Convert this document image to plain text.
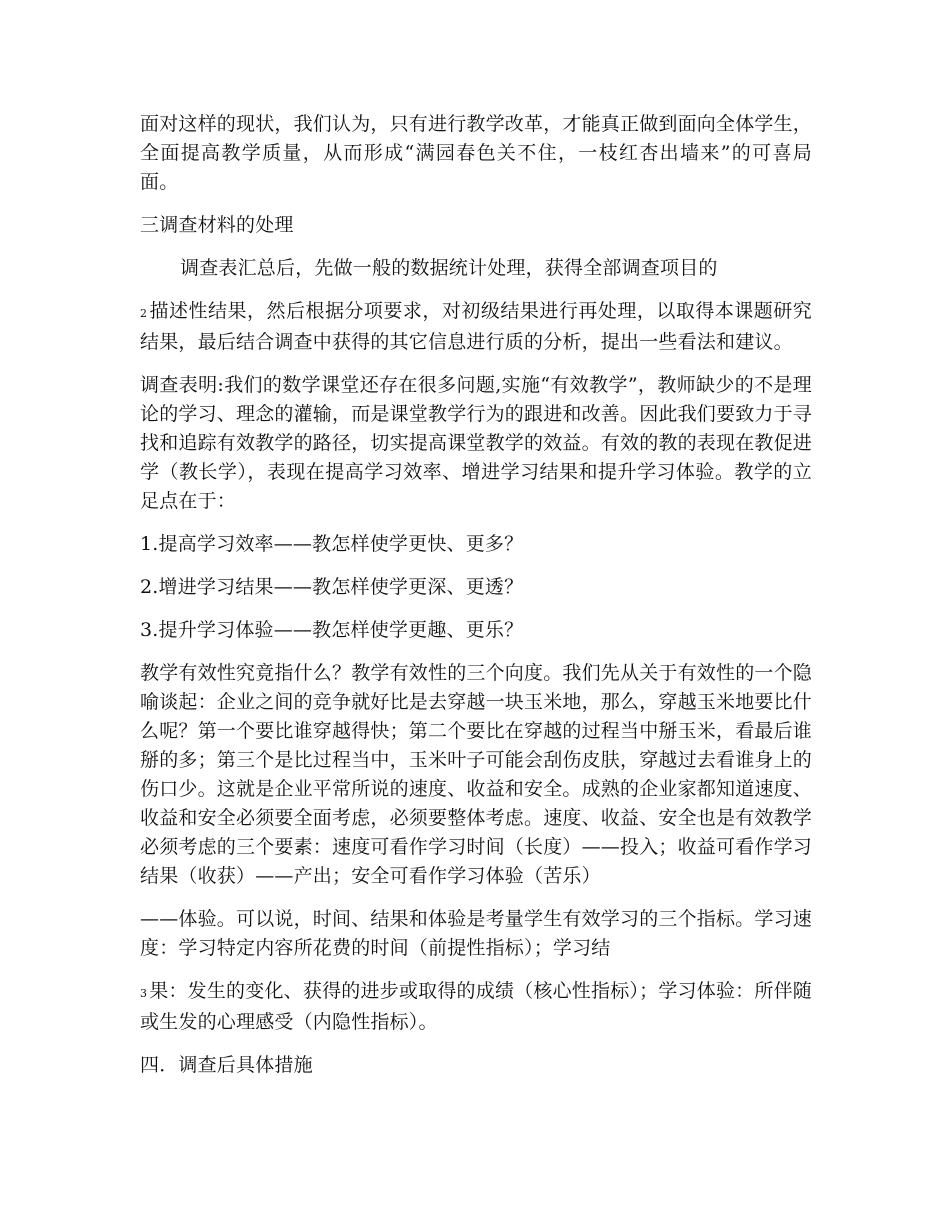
面对这样的现状，我们认为，只有进行教学改革，才能真正做到面向全体学生，全面提高教学质量，从而形成“满园春色关不住，一枝红杏出墙来”的可喜局面。

三调查材料的处理

调查表汇总后，先做一般的数据统计处理，获得全部调查项目的

2 描述性结果，然后根据分项要求，对初级结果进行再处理，以取得本课题研究结果，最后结合调查中获得的其它信息进行质的分析，提出一些看法和建议。

调查表明:我们的数学课堂还存在很多问题,实施“有效教学”，教师缺少的不是理论的学习、理念的灌输，而是课堂教学行为的跟进和改善。因此我们要致力于寻找和追踪有效教学的路径，切实提高课堂教学的效益。有效的教的表现在教促进学（教长学），表现在提高学习效率、增进学习结果和提升学习体验。教学的立足点在于：

1.提高学习效率——教怎样使学更快、更多？

2.增进学习结果——教怎样使学更深、更透？

3.提升学习体验——教怎样使学更趣、更乐？

教学有效性究竟指什么？教学有效性的三个向度。我们先从关于有效性的一个隐喻谈起：企业之间的竞争就好比是去穿越一块玉米地，那么，穿越玉米地要比什么呢？第一个要比谁穿越得快；第二个要比在穿越的过程当中掰玉米，看最后谁掰的多；第三个是比过程当中，玉米叶子可能会刮伤皮肤，穿越过去看谁身上的伤口少。这就是企业平常所说的速度、收益和安全。成熟的企业家都知道速度、收益和安全必须要全面考虑，必须要整体考虑。速度、收益、安全也是有效教学必须考虑的三个要素：速度可看作学习时间（长度）——投入；收益可看作学习结果（收获）——产出；安全可看作学习体验（苦乐）

——体验。可以说，时间、结果和体验是考量学生有效学习的三个指标。学习速度：学习特定内容所花费的时间（前提性指标）；学习结

3 果：发生的变化、获得的进步或取得的成绩（核心性指标）；学习体验：所伴随或生发的心理感受（内隐性指标）。

四．调查后具体措施
